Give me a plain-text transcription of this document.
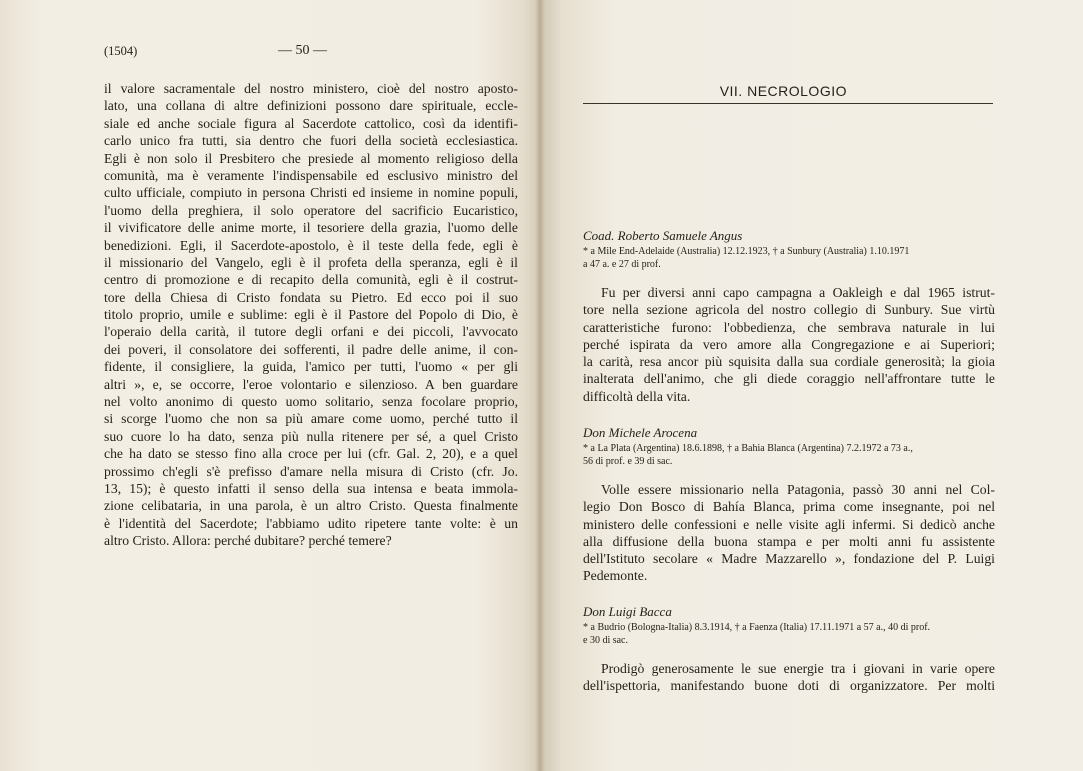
(1504)	— 50 —
il valore sacramentale del nostro ministero, cioè del nostro aposto-
lato, una collana di altre definizioni possono dare spirituale, eccle-
siale ed anche sociale figura al Sacerdote cattolico, così da identifi-
carlo unico fra tutti, sia dentro che fuori della società ecclesiastica.
Egli è non solo il Presbitero che presiede al momento religioso della
comunità, ma è veramente l'indispensabile ed esclusivo ministro del
culto ufficiale, compiuto in persona Christi ed insieme in nomine populi,
l'uomo della preghiera, il solo operatore del sacrificio Eucaristico,
il vivificatore delle anime morte, il tesoriere della grazia, l'uomo delle
benedizioni. Egli, il Sacerdote-apostolo, è il teste della fede, egli è
il missionario del Vangelo, egli è il profeta della speranza, egli è il
centro di promozione e di recapito della comunità, egli è il costrut-
tore della Chiesa di Cristo fondata su Pietro. Ed ecco poi il suo
titolo proprio, umile e sublime: egli è il Pastore del Popolo di Dio, è
l'operaio della carità, il tutore degli orfani e dei piccoli, l'avvocato
dei poveri, il consolatore dei sofferenti, il padre delle anime, il con-
fidente, il consigliere, la guida, l'amico per tutti, l'uomo « per gli
altri », e, se occorre, l'eroe volontario e silenzioso. A ben guardare
nel volto anonimo di questo uomo solitario, senza focolare proprio,
si scorge l'uomo che non sa più amare come uomo, perché tutto il
suo cuore lo ha dato, senza più nulla ritenere per sé, a quel Cristo
che ha dato se stesso fino alla croce per lui (cfr. Gal. 2, 20), e a quel
prossimo ch'egli s'è prefisso d'amare nella misura di Cristo (cfr. Jo.
13, 15); è questo infatti il senso della sua intensa e beata immola-
zione celibataria, in una parola, è un altro Cristo. Questa finalmente
è l'identità del Sacerdote; l'abbiamo udito ripetere tante volte: è un
altro Cristo. Allora: perché dubitare? perché temere?
VII. NECROLOGIO
Coad. Roberto Samuele Angus
* a Mile End-Adelaide (Australia) 12.12.1923, † a Sunbury (Australia) 1.10.1971
a 47 a. e 27 di prof.
Fu per diversi anni capo campagna a Oakleigh e dal 1965 istrut-
tore nella sezione agricola del nostro collegio di Sunbury. Sue virtù
caratteristiche furono: l'obbedienza, che sembrava naturale in lui
perché ispirata da vero amore alla Congregazione e ai Superiori;
la carità, resa ancor più squisita dalla sua cordiale generosità; la gioia
inalterata dell'animo, che gli diede coraggio nell'affrontare tutte le
difficoltà della vita.
Don Michele Arocena
* a La Plata (Argentina) 18.6.1898, † a Bahia Blanca (Argentina) 7.2.1972 a 73 a.,
56 di prof. e 39 di sac.
Volle essere missionario nella Patagonia, passò 30 anni nel Col-
legio Don Bosco di Bahía Blanca, prima come insegnante, poi nel
ministero delle confessioni e nelle visite agli infermi. Si dedicò anche
alla diffusione della buona stampa e per molti anni fu assistente
dell'Istituto secolare « Madre Mazzarello », fondazione del P. Luigi
Pedemonte.
Don Luigi Bacca
* a Budrio (Bologna-Italia) 8.3.1914, † a Faenza (Italia) 17.11.1971 a 57 a., 40 di prof.
e 30 di sac.
Prodigò generosamente le sue energie tra i giovani in varie opere
dell'ispettoria, manifestando buone doti di organizzatore. Per molti
